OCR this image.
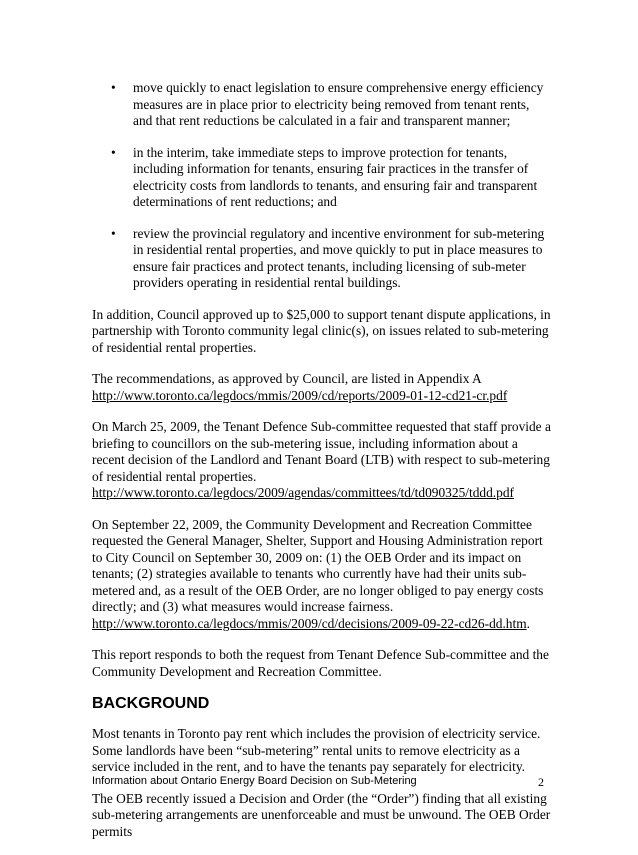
• move quickly to enact legislation to ensure comprehensive energy efficiency measures are in place prior to electricity being removed from tenant rents, and that rent reductions be calculated in a fair and transparent manner;
• in the interim, take immediate steps to improve protection for tenants, including information for tenants, ensuring fair practices in the transfer of electricity costs from landlords to tenants, and ensuring fair and transparent determinations of rent reductions; and
• review the provincial regulatory and incentive environment for sub-metering in residential rental properties, and move quickly to put in place measures to ensure fair practices and protect tenants, including licensing of sub-meter providers operating in residential rental buildings.

In addition, Council approved up to $25,000 to support tenant dispute applications, in partnership with Toronto community legal clinic(s), on issues related to sub-metering of residential rental properties.

The recommendations, as approved by Council, are listed in Appendix A
http://www.toronto.ca/legdocs/mmis/2009/cd/reports/2009-01-12-cd21-cr.pdf

On March 25, 2009, the Tenant Defence Sub-committee requested that staff provide a briefing to councillors on the sub-metering issue, including information about a recent decision of the Landlord and Tenant Board (LTB) with respect to sub-metering of residential rental properties.
http://www.toronto.ca/legdocs/2009/agendas/committees/td/td090325/tddd.pdf

On September 22, 2009, the Community Development and Recreation Committee requested the General Manager, Shelter, Support and Housing Administration report to City Council on September 30, 2009 on: (1) the OEB Order and its impact on tenants; (2) strategies available to tenants who currently have had their units sub-metered and, as a result of the OEB Order, are no longer obliged to pay energy costs directly; and (3) what measures would increase fairness.
http://www.toronto.ca/legdocs/mmis/2009/cd/decisions/2009-09-22-cd26-dd.htm.

This report responds to both the request from Tenant Defence Sub-committee and the Community Development and Recreation Committee.

BACKGROUND

Most tenants in Toronto pay rent which includes the provision of electricity service. Some landlords have been “sub-metering” rental units to remove electricity as a service included in the rent, and to have the tenants pay separately for electricity.

The OEB recently issued a Decision and Order (the “Order”) finding that all existing sub-metering arrangements are unenforceable and must be unwound. The OEB Order permits

Information about Ontario Energy Board Decision on Sub-Metering	2
